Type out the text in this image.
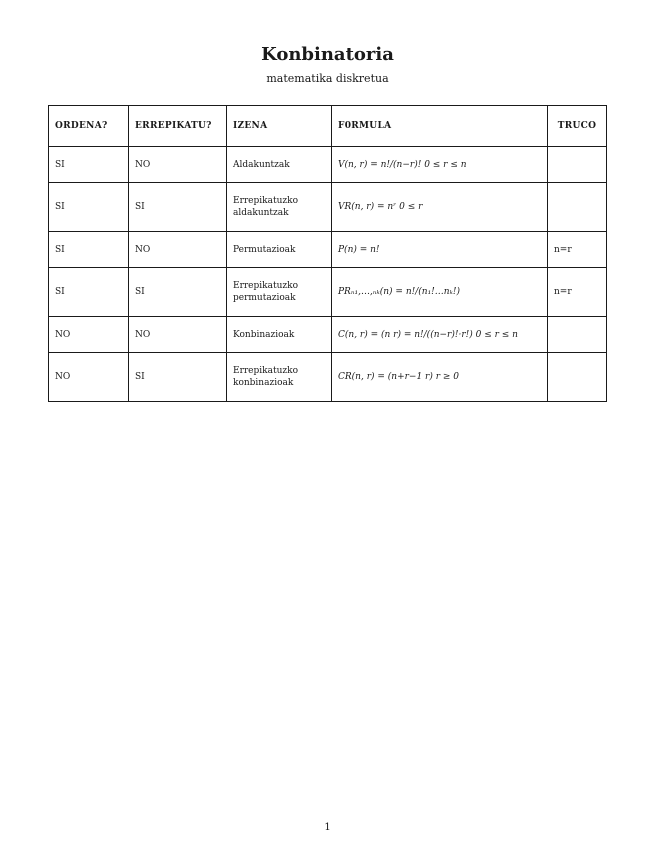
Konbinatoria

matematika diskretua

ORDENA?	ERREPIKATU?	IZENA	F0RMULA	TRUCO
SI	NO	Aldakuntzak	V(n, r) = n!/(n−r)! 0 ≤ r ≤ n	
SI	SI	Errepikatuzko aldakuntzak	VR(n, r) = nʳ 0 ≤ r	
SI	NO	Permutazioak	P(n) = n!	n=r
SI	SI	Errepikatuzko permutazioak	PRₙ₁,…,ₙₖ(n) = n!/(n₁!…nₖ!)	n=r
NO	NO	Konbinazioak	C(n, r) = (n r) = n!/((n−r)!·r!) 0 ≤ r ≤ n	
NO	SI	Errepikatuzko konbinazioak	CR(n, r) = (n+r−1 r) r ≥ 0	
1
